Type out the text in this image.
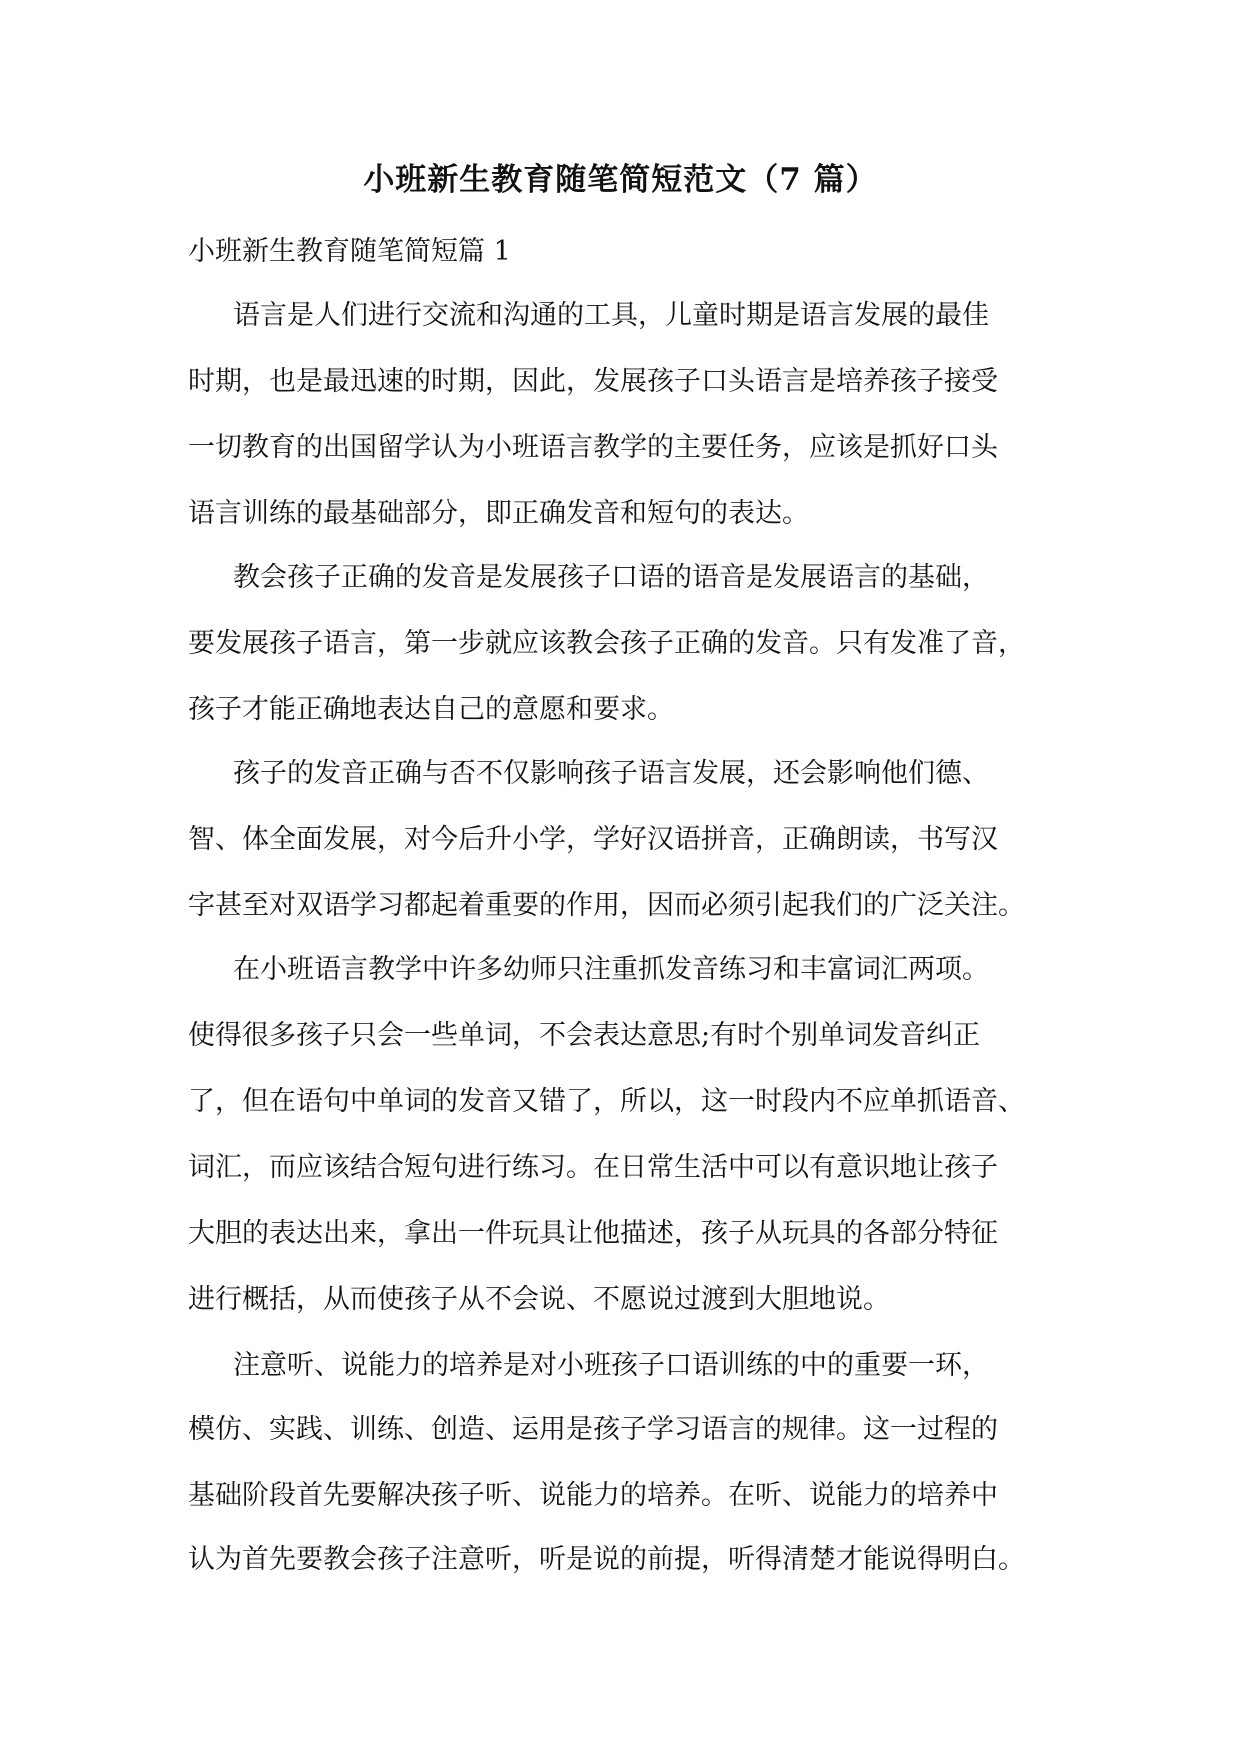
小班新生教育随笔简短范文（7 篇）
小班新生教育随笔简短篇 1
语言是人们进行交流和沟通的工具，儿童时期是语言发展的最佳
时期，也是最迅速的时期，因此，发展孩子口头语言是培养孩子接受
一切教育的出国留学认为小班语言教学的主要任务，应该是抓好口头
语言训练的最基础部分，即正确发音和短句的表达。
教会孩子正确的发音是发展孩子口语的语音是发展语言的基础，
要发展孩子语言，第一步就应该教会孩子正确的发音。只有发准了音，
孩子才能正确地表达自己的意愿和要求。
孩子的发音正确与否不仅影响孩子语言发展，还会影响他们德、
智、体全面发展，对今后升小学，学好汉语拼音，正确朗读，书写汉
字甚至对双语学习都起着重要的作用，因而必须引起我们的广泛关注。
在小班语言教学中许多幼师只注重抓发音练习和丰富词汇两项。
使得很多孩子只会一些单词，不会表达意思;有时个别单词发音纠正
了，但在语句中单词的发音又错了，所以，这一时段内不应单抓语音、
词汇，而应该结合短句进行练习。在日常生活中可以有意识地让孩子
大胆的表达出来，拿出一件玩具让他描述，孩子从玩具的各部分特征
进行概括，从而使孩子从不会说、不愿说过渡到大胆地说。
注意听、说能力的培养是对小班孩子口语训练的中的重要一环，
模仿、实践、训练、创造、运用是孩子学习语言的规律。这一过程的
基础阶段首先要解决孩子听、说能力的培养。在听、说能力的培养中
认为首先要教会孩子注意听，听是说的前提，听得清楚才能说得明白。
